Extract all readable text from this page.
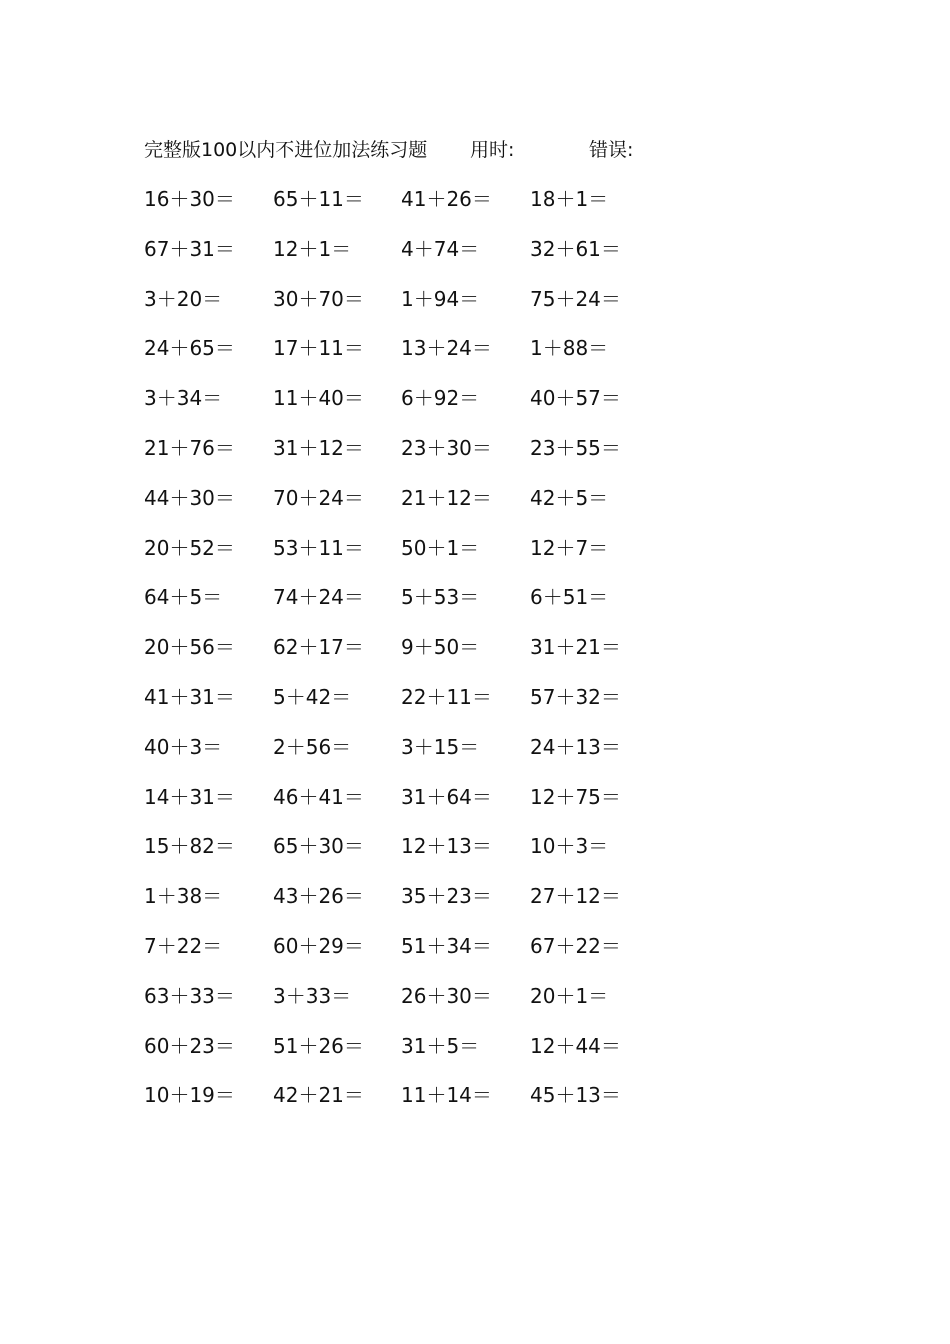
完整版100以内不进位加法练习题 用时:	错误:
16＋30＝ 65＋11＝ 41＋26＝ 18＋1＝
67＋31＝ 12＋1＝ 4＋74＝	32＋61＝
3＋20＝	30＋70＝ 1＋94＝	75＋24＝
24＋65＝ 17＋11＝ 13＋24＝ 1＋88＝
3＋34＝	11＋40＝ 6＋92＝	40＋57＝
21＋76＝ 31＋12＝ 23＋30＝ 23＋55＝
44＋30＝ 70＋24＝ 21＋12＝ 42＋5＝
20＋52＝ 53＋11＝ 50＋1＝	12＋7＝
64＋5＝	74＋24＝ 5＋53＝	6＋51＝
20＋56＝ 62＋17＝ 9＋50＝	31＋21＝
41＋31＝ 5＋42＝ 22＋11＝ 57＋32＝
40＋3＝	2＋56＝ 3＋15＝	24＋13＝
14＋31＝ 46＋41＝ 31＋64＝ 12＋75＝
15＋82＝ 65＋30＝ 12＋13＝ 10＋3＝
1＋38＝	43＋26＝ 35＋23＝ 27＋12＝
7＋22＝	60＋29＝ 51＋34＝ 67＋22＝
63＋33＝ 3＋33＝ 26＋30＝ 20＋1＝
60＋23＝ 51＋26＝ 31＋5＝	12＋44＝
10＋19＝ 42＋21＝ 11＋14＝ 45＋13＝
